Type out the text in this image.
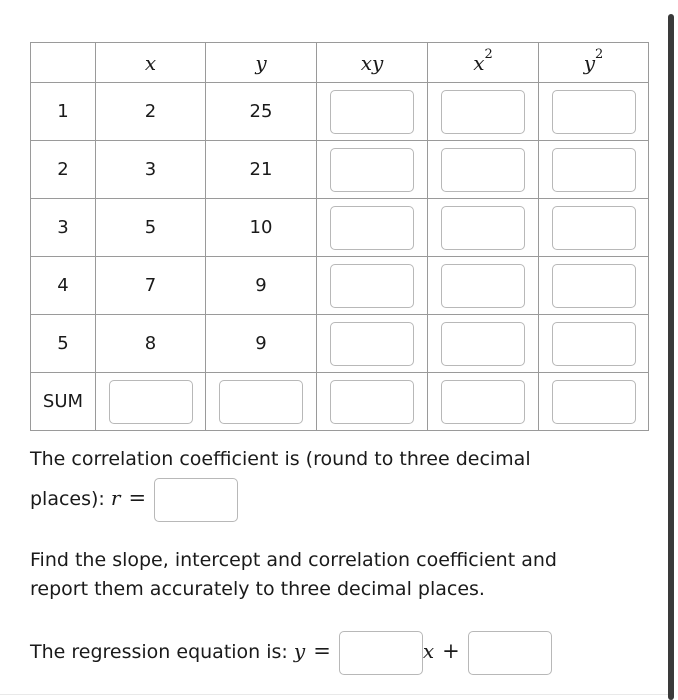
	x	y	xy	$x^2$	$y^2$
1	2	25			
2	3	21			
3	5	10			
4	7	9			
5	8	9			
SUM					
The correlation coefficient is (round to three decimal
places): r =
Find the slope, intercept and correlation coefficient and
report them accurately to three decimal places.
The regression equation is: y =	x +
